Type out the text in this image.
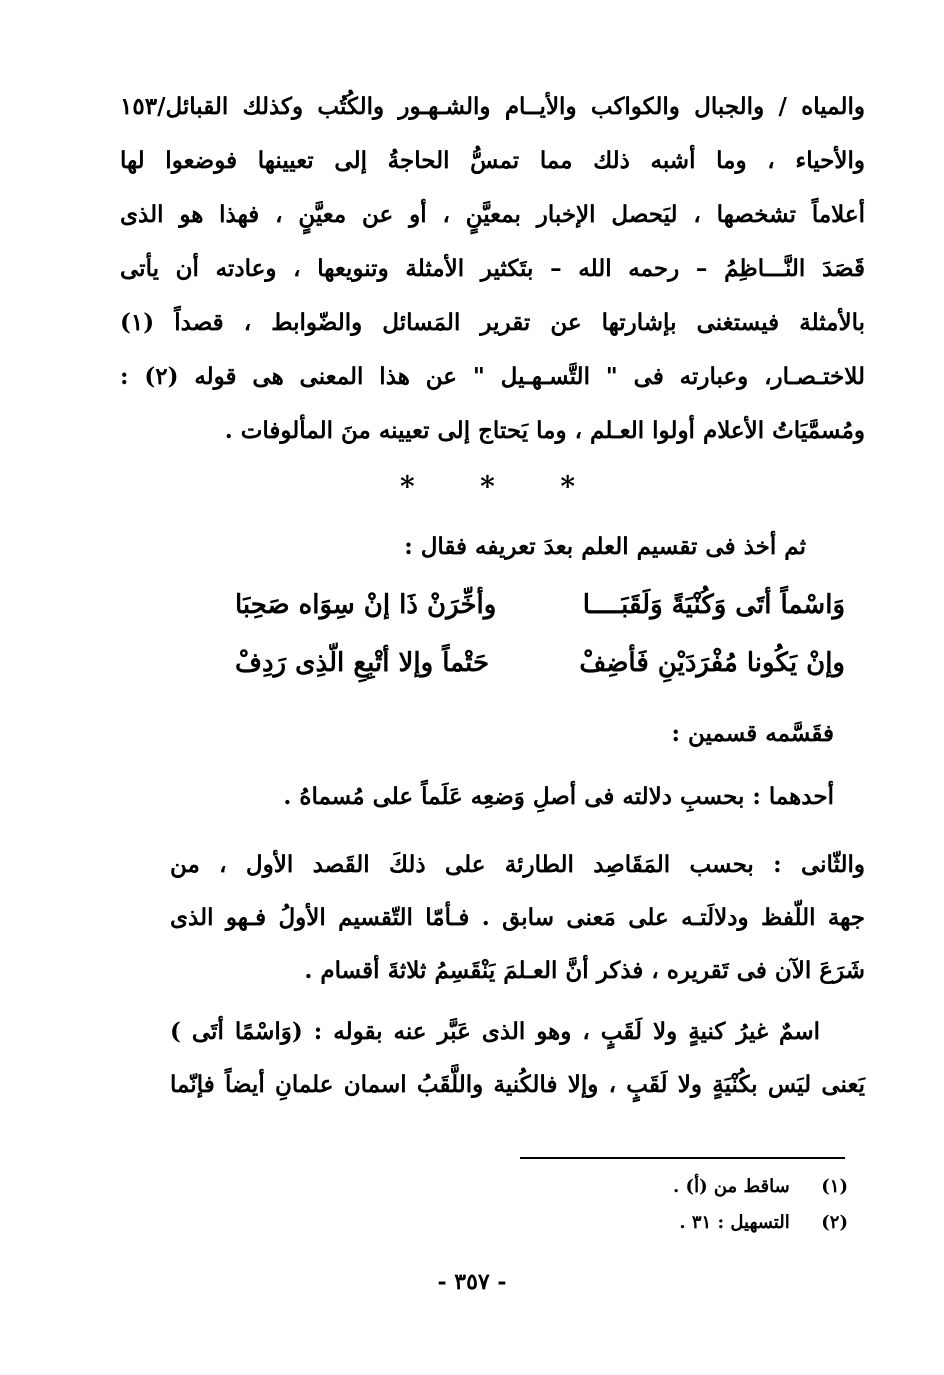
والمياه / والجبال والكواكب والأيــام والشـهـور والكُتُب وكذلك القبائل/١٥٣
والأحياء ، وما أشبه ذلك مما تمسُّ الحاجةُ إلى تعيينها فوضعوا لها
أعلاماً تشخصها ، ليَحصل الإخبار بمعيَّنٍ ، أو عن معيَّنٍ ، فهذا هو الذى
قَصَدَ النَّـــاظِمُ – رحمه الله – بتَكثير الأمثلة وتنويعها ، وعادته أن يأتى
بالأمثلة فيستغنى بإشارتها عن تقرير المَسائل والضّوابط ، قصداً (١)
للاختـصـار، وعبارته فى " التَّسـهـيل " عن هذا المعنى هى قوله (٢) :
ومُسمَّيَاتُ الأعلام أولوا العـلم ، وما يَحتاج إلى تعيينه منَ المألوفات .
* * *
ثم أخذ فى تقسيم العلم بعدَ تعريفه فقال :
وَاسْماً أتَى وَكُنْيَةً وَلَقَبَــــا
وأخِّرَنْ ذَا إنْ سِوَاه صَحِبَا
وإنْ يَكُونا مُفْرَدَيْنِ فَأضِفْ
حَتْماً وإلا أتْبِعِ الّذِى رَدِفْ
فقَسَّمه قسمين :
أحدهما : بحسبِ دلالته فى أصلِ وَضعِه عَلَماً على مُسماهُ .
والثّانى : بحسب المَقَاصِد الطارئة على ذلكَ القَصد الأول ، من
جهة اللّفظ ودلالَتـه على مَعنى سابق . فـأمّا التّقسيم الأولُ فـهو الذى
شَرَعَ الآن فى تَقريره ، فذكر أنَّ العـلمَ يَنْقَسِمُ ثلاثةَ أقسام .
اسمٌ غيرُ كنيةٍ ولا لَقَبٍ ، وهو الذى عَبَّر عنه بقوله : (وَاسْمًا أتَى )
يَعنى ليَس بكُنْيَةٍ ولا لَقَبٍ ، وإلا فالكُنية واللَّقَبُ اسمان علمانِ أيضاً فإنّما
(١) ساقط من (أ) .
(٢) التسهيل : ٣١ .
- ٣٥٧ -
